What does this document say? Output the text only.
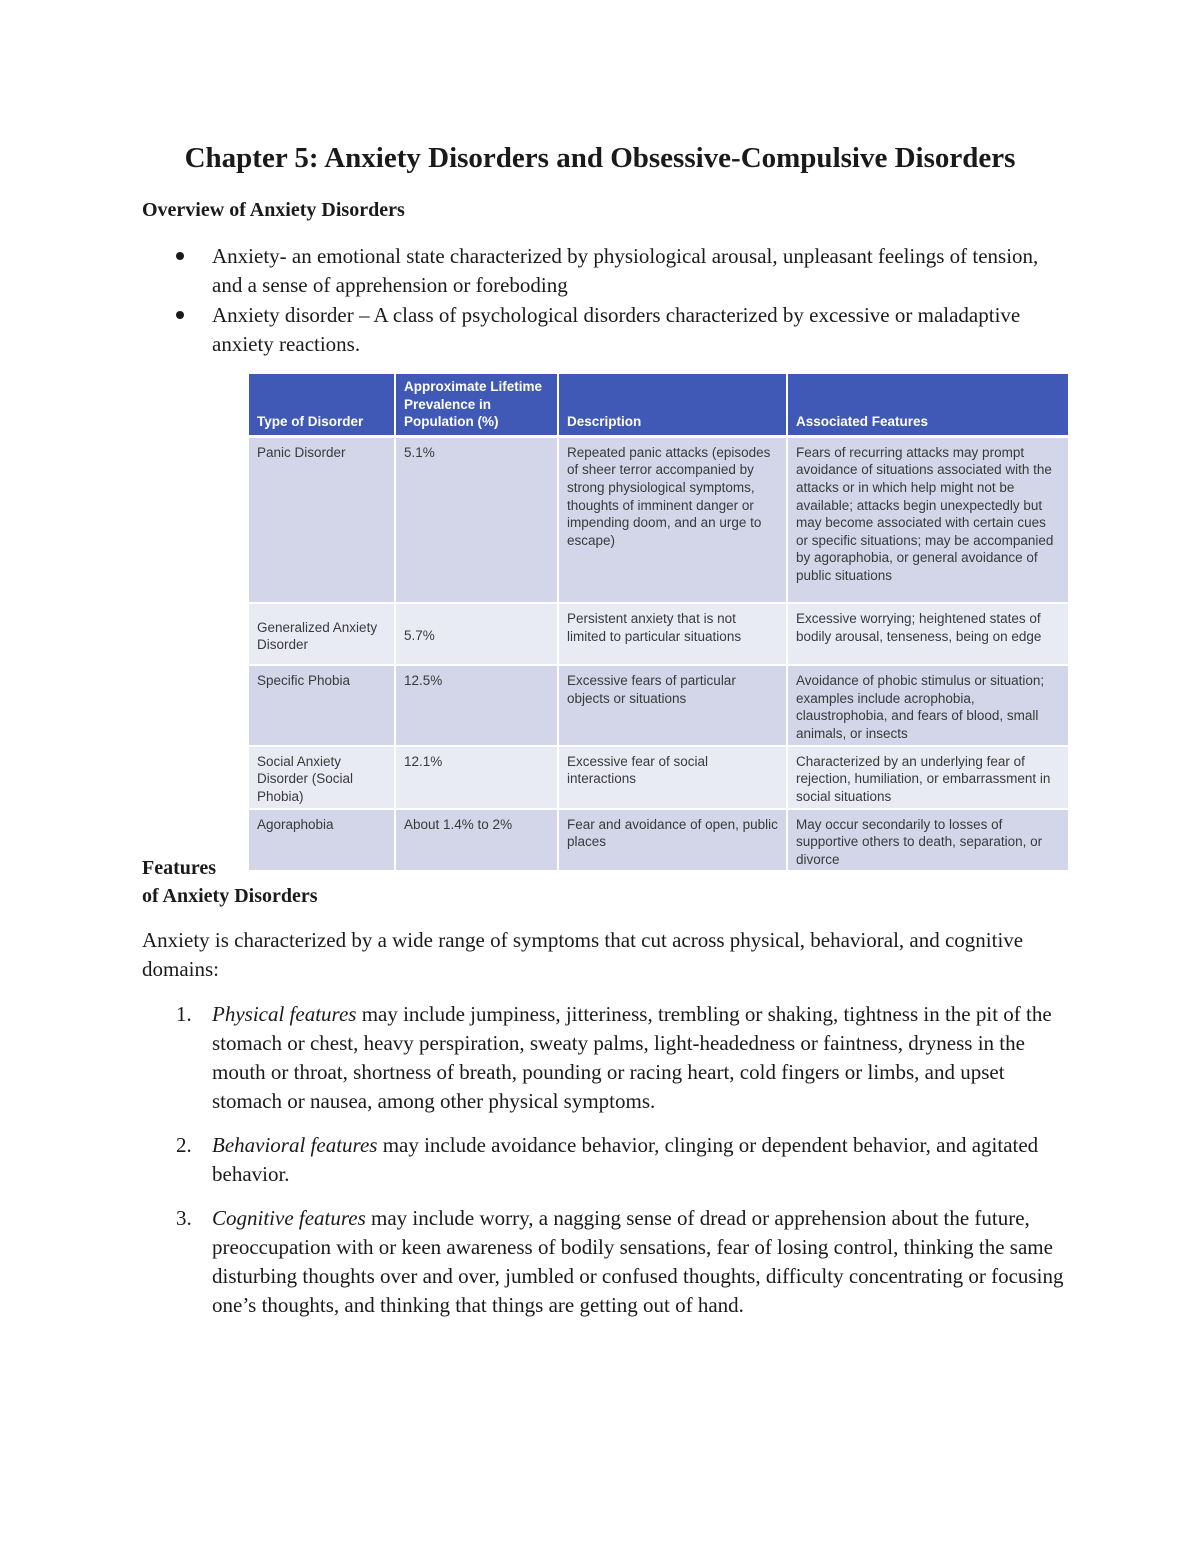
Chapter 5: Anxiety Disorders and Obsessive-Compulsive Disorders
Overview of Anxiety Disorders
Anxiety- an emotional state characterized by physiological arousal, unpleasant feelings of tension, and a sense of apprehension or foreboding
Anxiety disorder – A class of psychological disorders characterized by excessive or maladaptive anxiety reactions.
Type of Disorder	Approximate Lifetime Prevalence in Population (%)	Description	Associated Features
Panic Disorder	5.1%	Repeated panic attacks (episodes of sheer terror accompanied by strong physiological symptoms, thoughts of imminent danger or impending doom, and an urge to escape)	Fears of recurring attacks may prompt avoidance of situations associated with the attacks or in which help might not be available; attacks begin unexpectedly but may become associated with certain cues or specific situations; may be accompanied by agoraphobia, or general avoidance of public situations
Generalized Anxiety Disorder	5.7%	Persistent anxiety that is not limited to particular situations	Excessive worrying; heightened states of bodily arousal, tenseness, being on edge
Specific Phobia	12.5%	Excessive fears of particular objects or situations	Avoidance of phobic stimulus or situation; examples include acrophobia, claustrophobia, and fears of blood, small animals, or insects
Social Anxiety Disorder (Social Phobia)	12.1%	Excessive fear of social interactions	Characterized by an underlying fear of rejection, humiliation, or embarrassment in social situations
Agoraphobia	About 1.4% to 2%	Fear and avoidance of open, public places	May occur secondarily to losses of supportive others to death, separation, or divorce
Features
of Anxiety Disorders

Anxiety is characterized by a wide range of symptoms that cut across physical, behavioral, and cognitive domains:

1. Physical features may include jumpiness, jitteriness, trembling or shaking, tightness in the pit of the stomach or chest, heavy perspiration, sweaty palms, light-headedness or faintness, dryness in the mouth or throat, shortness of breath, pounding or racing heart, cold fingers or limbs, and upset stomach or nausea, among other physical symptoms.
2. Behavioral features may include avoidance behavior, clinging or dependent behavior, and agitated behavior.
3. Cognitive features may include worry, a nagging sense of dread or apprehension about the future, preoccupation with or keen awareness of bodily sensations, fear of losing control, thinking the same disturbing thoughts over and over, jumbled or confused thoughts, difficulty concentrating or focusing one’s thoughts, and thinking that things are getting out of hand.
